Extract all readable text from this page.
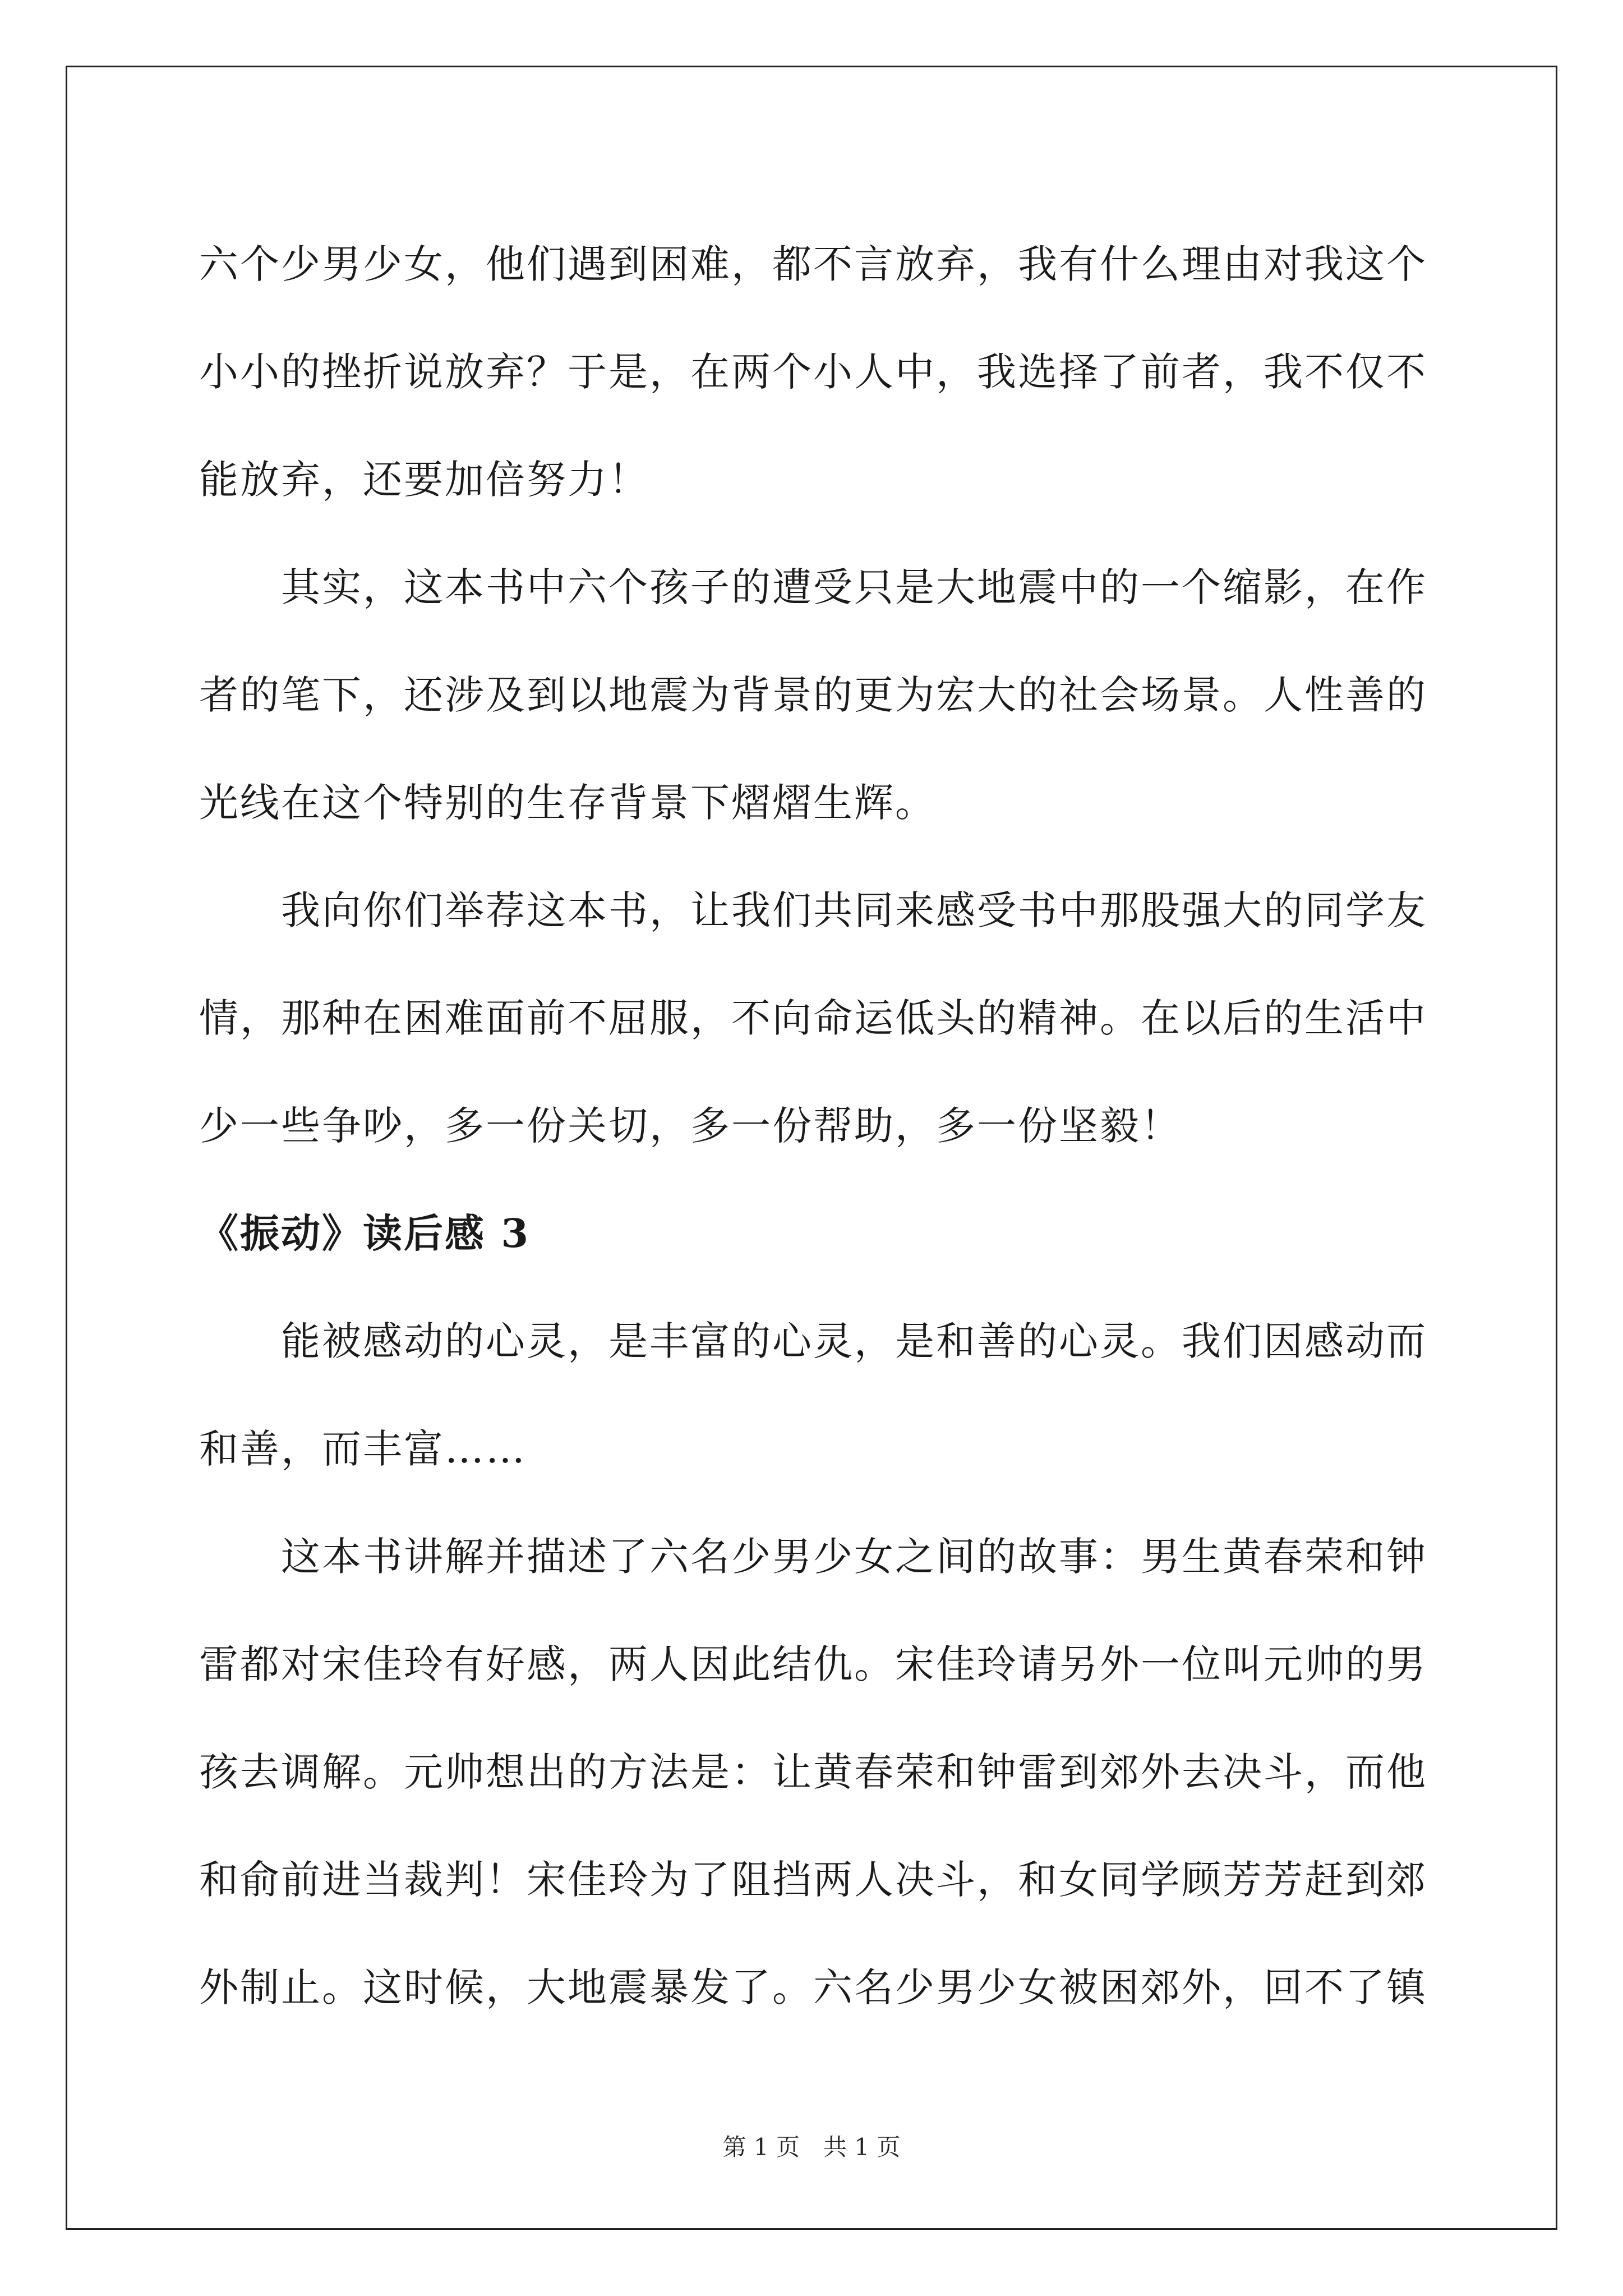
六个少男少女，他们遇到困难，都不言放弃，我有什么理由对我这个

小小的挫折说放弃？于是，在两个小人中，我选择了前者，我不仅不

能放弃，还要加倍努力！

　　其实，这本书中六个孩子的遭受只是大地震中的一个缩影，在作

者的笔下，还涉及到以地震为背景的更为宏大的社会场景。人性善的

光线在这个特别的生存背景下熠熠生辉。

　　我向你们举荐这本书，让我们共同来感受书中那股强大的同学友

情，那种在困难面前不屈服，不向命运低头的精神。在以后的生活中

少一些争吵，多一份关切，多一份帮助，多一份坚毅！

《振动》读后感 3

　　能被感动的心灵，是丰富的心灵，是和善的心灵。我们因感动而

和善，而丰富……

　　这本书讲解并描述了六名少男少女之间的故事：男生黄春荣和钟

雷都对宋佳玲有好感，两人因此结仇。宋佳玲请另外一位叫元帅的男

孩去调解。元帅想出的方法是：让黄春荣和钟雷到郊外去决斗，而他

和俞前进当裁判！宋佳玲为了阻挡两人决斗，和女同学顾芳芳赶到郊

外制止。这时候，大地震暴发了。六名少男少女被困郊外，回不了镇

第 1 页　共 1 页
